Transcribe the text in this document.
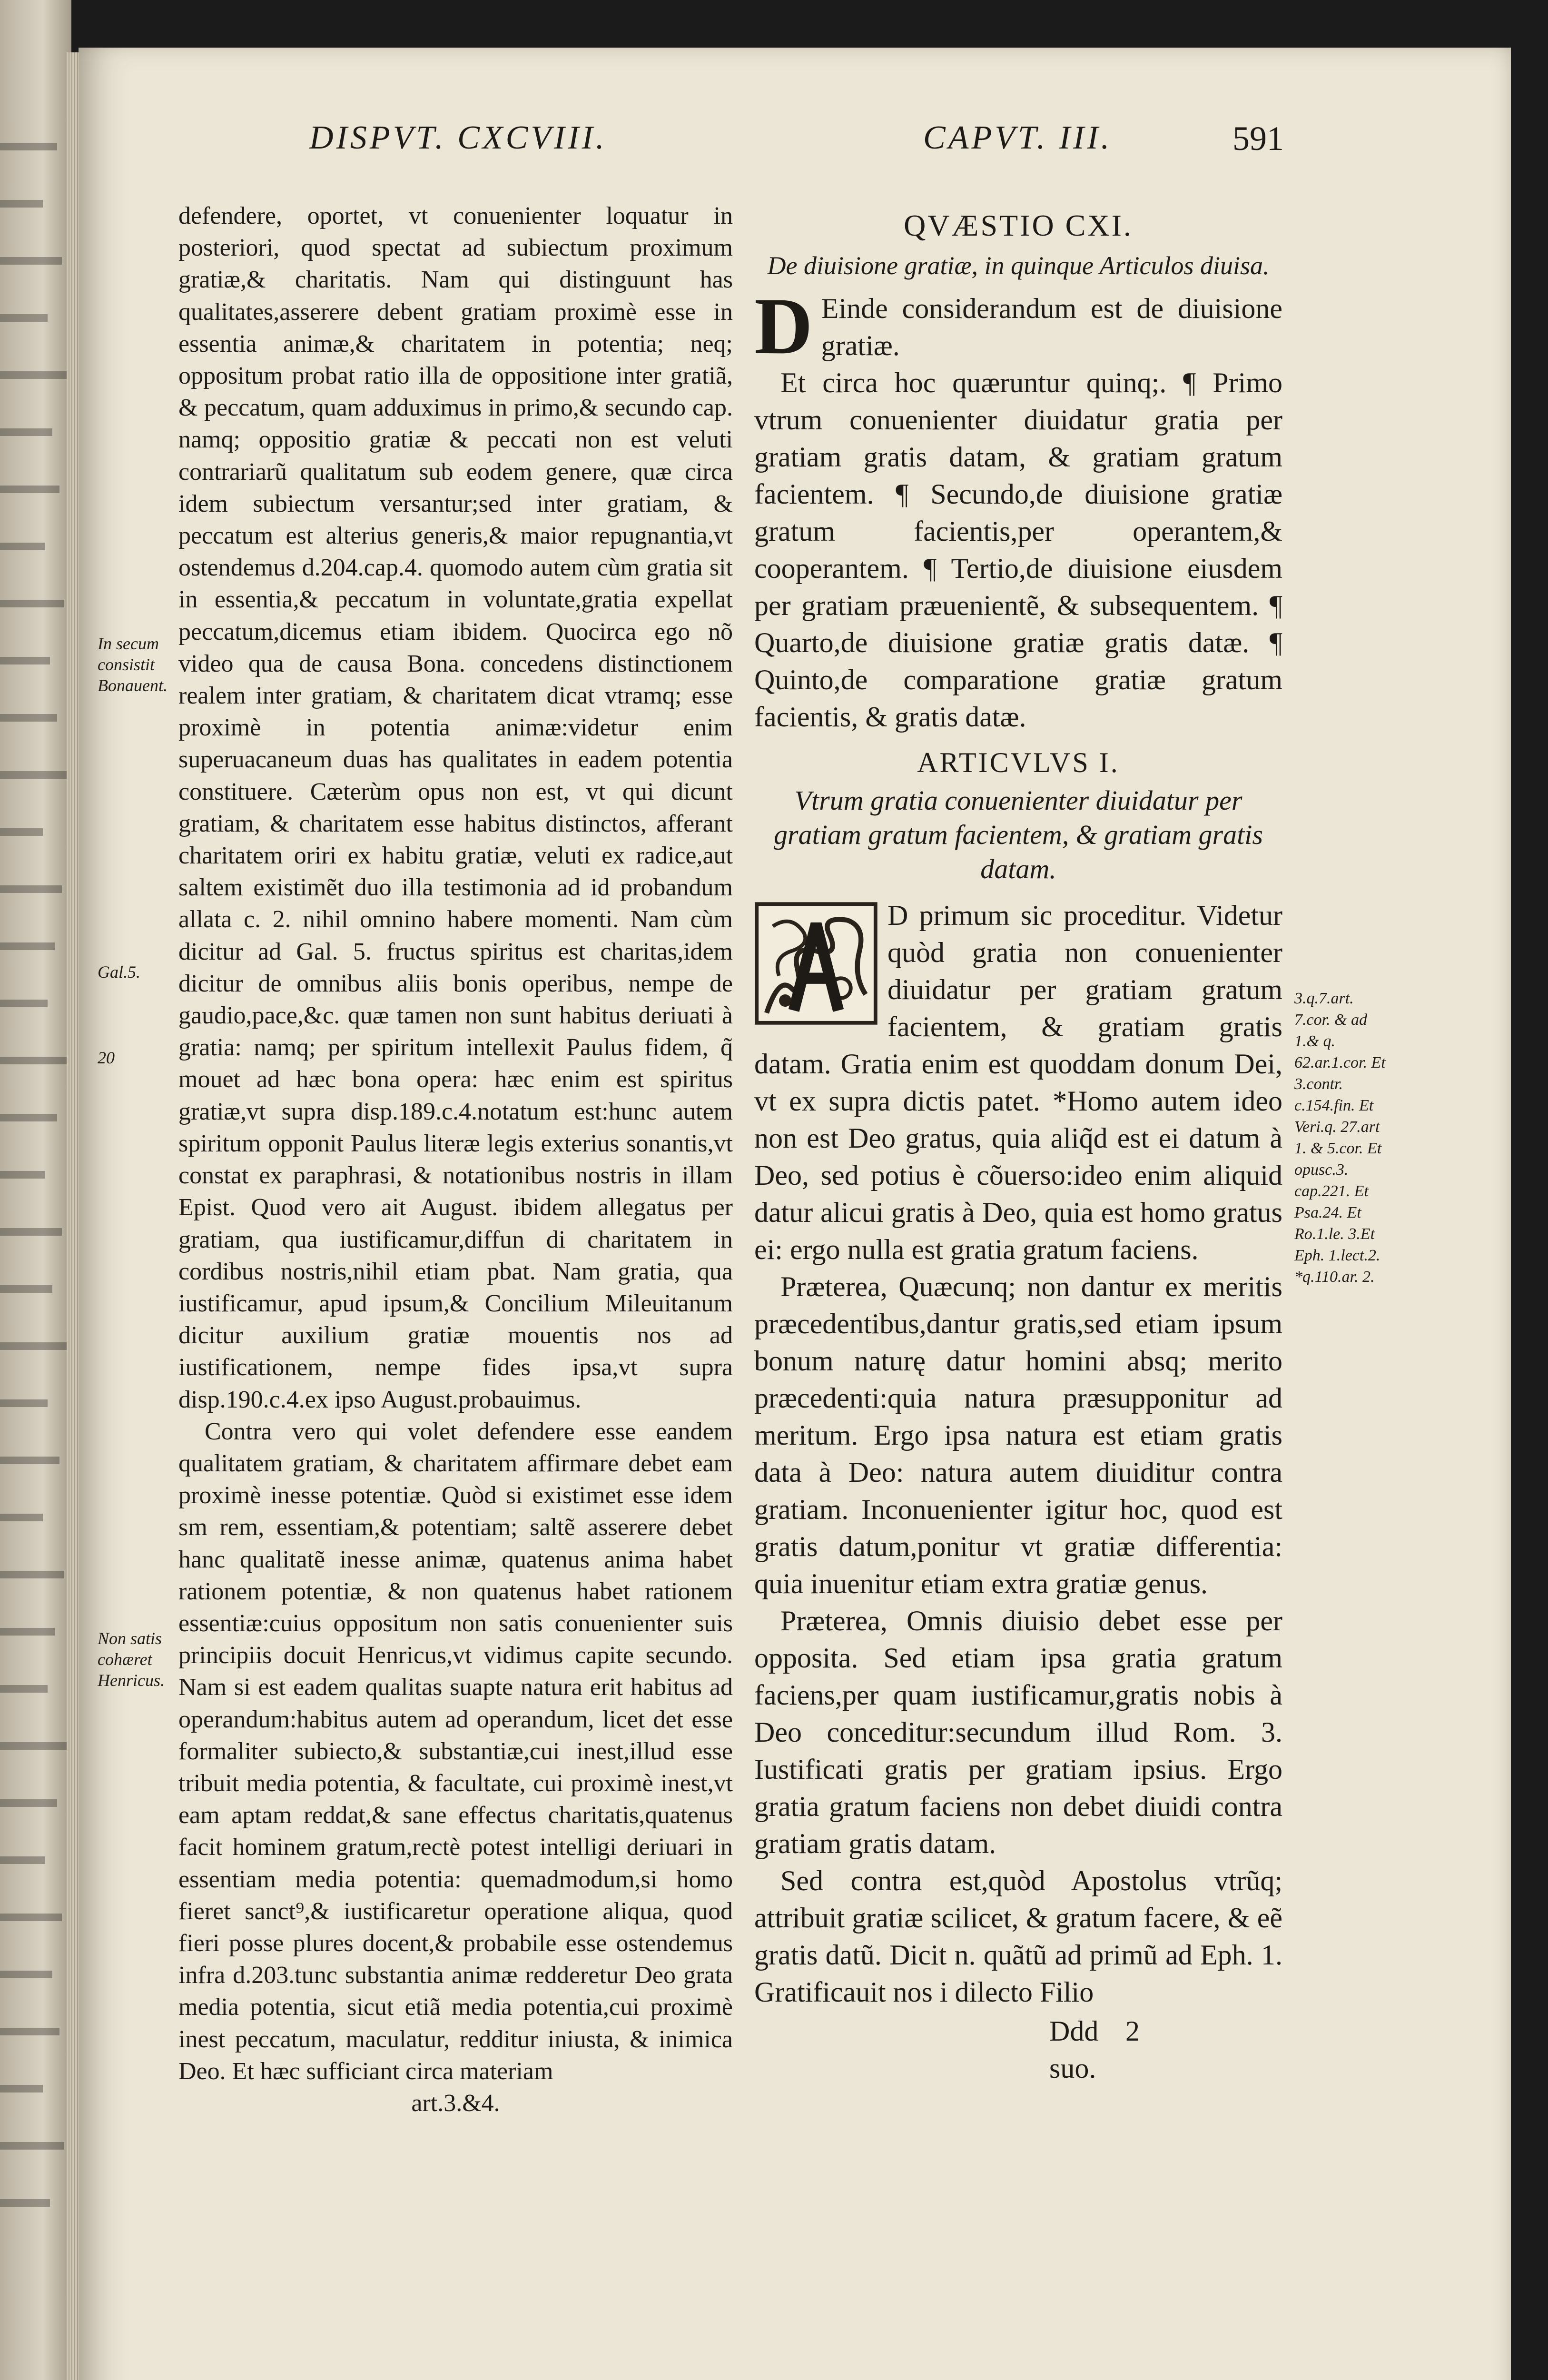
DISPVT. CXCVIII.	CAPVT. III.	591

defendere, oportet, vt conuenienter loquatur in posteriori, quod spectat ad subiectum proximum gratiæ,& charitatis. Nam qui distinguunt has qualitates,asserere debent gratiam proximè esse in essentia animæ,& charitatem in potentia; neq; oppositum probat ratio illa de oppositione inter gratiã, & peccatum, quam adduximus in primo,& secundo cap. namq; oppositio gratiæ & peccati non est veluti contrariarũ qualitatum sub eodem genere, quæ circa idem subiectum versantur;sed inter gratiam, & peccatum est alterius generis,& maior repugnantia,vt ostendemus d.204.cap.4. quomodo autem cùm gratia sit in essentia,& peccatum in voluntate,gratia expellat peccatum,dicemus etiam ibidem. Quocirca ego nõ video qua de causa Bona. concedens distinctionem realem inter gratiam, & charitatem dicat vtramq; esse proximè in potentia animæ:videtur enim superuacaneum duas has qualitates in eadem potentia constituere. Cæterùm opus non est, vt qui dicunt gratiam, & charitatem esse habitus distinctos, afferant charitatem oriri ex habitu gratiæ, veluti ex radice,aut saltem existimẽt duo illa testimonia ad id probandum allata c. 2. nihil omnino habere momenti. Nam cùm dicitur ad Gal. 5. fructus spiritus est charitas,idem dicitur de omnibus aliis bonis operibus, nempe de gaudio,pace,&c. quæ tamen non sunt habitus deriuati à gratia: namq; per spiritum intellexit Paulus fidem, q̃ mouet ad hæc bona opera: hæc enim est spiritus gratiæ,vt supra disp.189.c.4.notatum est:hunc autem spiritum opponit Paulus literæ legis exterius sonantis,vt constat ex paraphrasi, & notationibus nostris in illam Epist. Quod vero ait August. ibidem allegatus per gratiam, qua iustificamur,diffun di charitatem in cordibus nostris,nihil etiam pbat. Nam gratia, qua iustificamur, apud ipsum,& Concilium Mileuitanum dicitur auxilium gratiæ mouentis nos ad iustificationem, nempe fides ipsa,vt supra disp.190.c.4.ex ipso August.probauimus.

Contra vero qui volet defendere esse eandem qualitatem gratiam, & charitatem affirmare debet eam proximè inesse potentiæ. Quòd si existimet esse idem sm rem, essentiam,& potentiam; saltẽ asserere debet hanc qualitatẽ inesse animæ, quatenus anima habet rationem potentiæ, & non quatenus habet rationem essentiæ:cuius oppositum non satis conuenienter suis principiis docuit Henricus,vt vidimus capite secundo. Nam si est eadem qualitas suapte natura erit habitus ad operandum:habitus autem ad operandum, licet det esse formaliter subiecto,& substantiæ,cui inest,illud esse tribuit media potentia, & facultate, cui proximè inest,vt eam aptam reddat,& sane effectus charitatis,quatenus facit hominem gratum,rectè potest intelligi deriuari in essentiam media potentia: quemadmodum,si homo fieret sanct⁹,& iustificaretur operatione aliqua, quod fieri posse plures docent,& probabile esse ostendemus infra d.203.tunc substantia animæ redderetur Deo grata media potentia, sicut etiã media potentia,cui proximè inest peccatum, maculatur, redditur iniusta, & inimica Deo. Et hæc sufficiant circa materiam

art.3.&4.

In secum consistit Bonauent.
Gal.5.
20
Non satis cohæret Henricus.

QVÆSTIO CXI.

De diuisione gratiæ, in quinque Articulos diuisa.

D Einde considerandum est de diuisione gratiæ.

Et circa hoc quæruntur quinq;. ¶ Primo vtrum conuenienter diuidatur gratia per gratiam gratis datam, & gratiam gratum facientem. ¶ Secundo,de diuisione gratiæ gratum facientis,per operantem,& cooperantem. ¶ Tertio,de diuisione eiusdem per gratiam præuenientẽ, & subsequentem. ¶ Quarto,de diuisione gratiæ gratis datæ. ¶ Quinto,de comparatione gratiæ gratum facientis, & gratis datæ.

ARTICVLVS I.

Vtrum gratia conuenienter diuidatur per gratiam gratum facientem, & gratiam gratis datam.

D primum sic proceditur. Videtur quòd gratia non conuenienter diuidatur per gratiam gratum facientem, & gratiam gratis datam. Gratia enim est quoddam donum Dei, vt ex supra dictis patet. *Homo autem ideo non est Deo gratus, quia aliq̃d est ei datum à Deo, sed potius è cõuerso:ideo enim aliquid datur alicui gratis à Deo, quia est homo gratus ei: ergo nulla est gratia gratum faciens.

Præterea, Quæcunq; non dantur ex meritis præcedentibus,dantur gratis,sed etiam ipsum bonum naturę datur homini absq; merito præcedenti:quia natura præsupponitur ad meritum. Ergo ipsa natura est etiam gratis data à Deo: natura autem diuiditur contra gratiam. Inconuenienter igitur hoc, quod est gratis datum,ponitur vt gratiæ differentia: quia inuenitur etiam extra gratiæ genus.

Præterea, Omnis diuisio debet esse per opposita. Sed etiam ipsa gratia gratum faciens,per quam iustificamur,gratis nobis à Deo conceditur:secundum illud Rom. 3. Iustificati gratis per gratiam ipsius. Ergo gratia gratum faciens non debet diuidi contra gratiam gratis datam.

Sed contra est,quòd Apostolus vtrũq; attribuit gratiæ scilicet, & gratum facere, & eẽ gratis datũ. Dicit n. quãtũ ad primũ ad Eph. 1. Gratificauit nos i dilecto Filio

Ddd 2suo.

3.q.7.art. 7.cor. & ad 1.& q. 62.ar.1.cor. Et 3.contr. c.154.fin. Et Veri.q. 27.art 1. & 5.cor. Et opusc.3. cap.221. Et Psa.24. Et Ro.1.le. 3.Et Eph. 1.lect.2. *q.110.ar. 2.
